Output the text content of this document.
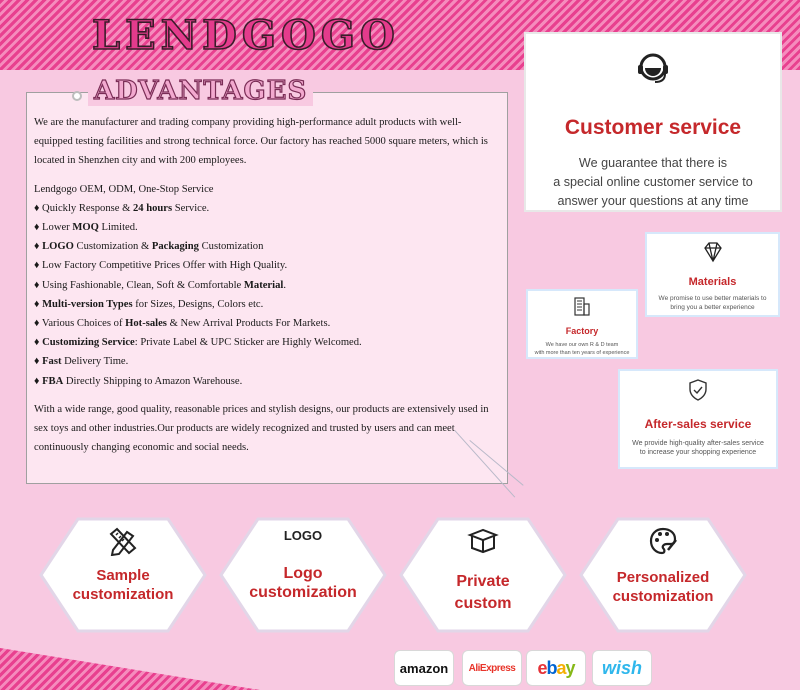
LENDGOGO
ADVANTAGES

We are the manufacturer and trading company providing high-performance adult products with well-equipped testing facilities and strong technical force. Our factory has reached 5000 square meters, which is located in Shenzhen city and with 200 employees.

Lendgogo OEM, ODM, One-Stop Service
♦ Quickly Response & 24 hours Service.
♦ Lower MOQ Limited.
♦ LOGO Customization & Packaging Customization
♦ Low Factory Competitive Prices Offer with High Quality.
♦ Using Fashionable, Clean, Soft & Comfortable Material.
♦ Multi-version Types for Sizes, Designs, Colors etc.
♦ Various Choices of Hot-sales & New Arrival Products For Markets.
♦ Customizing Service: Private Label & UPC Sticker are Highly Welcomed.
♦ Fast Delivery Time.
♦ FBA Directly Shipping to Amazon Warehouse.

With a wide range, good quality, reasonable prices and stylish designs, our products are extensively used in sex toys and other industries.Our products are widely recognized and trusted by users and can meet continuously changing economic and social needs.

Customer service
We guarantee that there is
a special online customer service to
answer your questions at any time
Materials
We promise to use better materials to
bring you a better experience
Factory
We have our own R & D team
with more than ten years of experience
After-sales service
We provide high-quality after-sales service
to increase your shopping experience
Sample
customization
LOGO
Logo
customization
Private
custom
Personalized
customization
amazon AliExpress ebay wish
